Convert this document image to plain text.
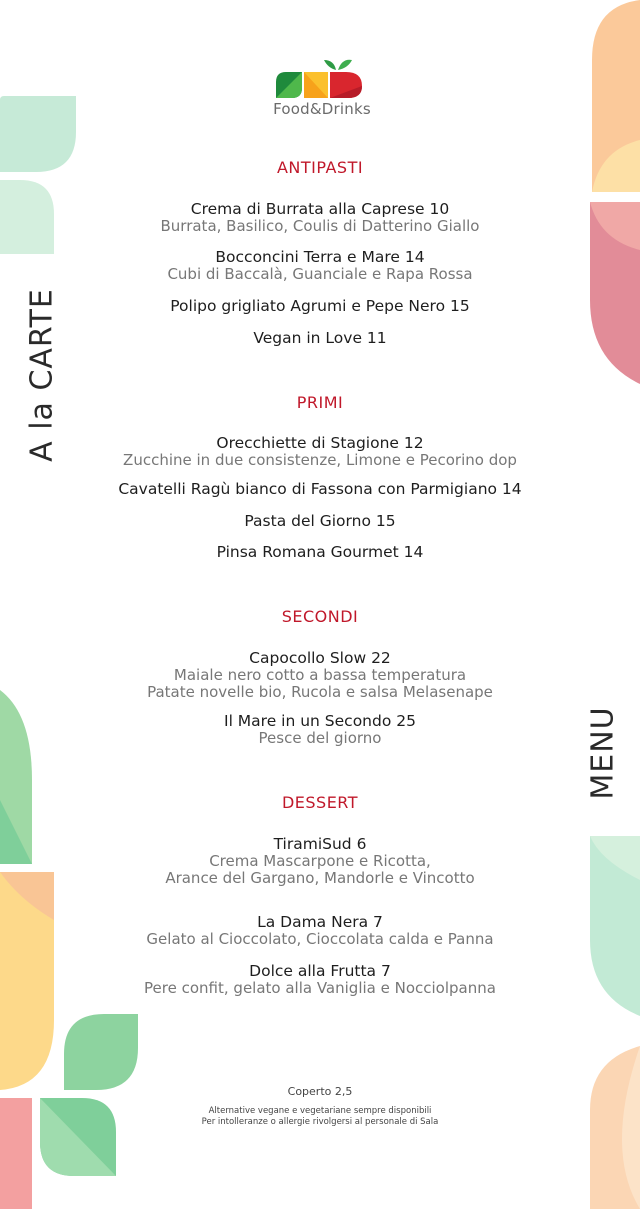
Food&Drinks
A la CARTE
MENU
ANTIPASTI
Crema di Burrata alla Caprese 10
Burrata, Basilico, Coulis di Datterino Giallo
Bocconcini Terra e Mare 14
Cubi di Baccalà, Guanciale e Rapa Rossa
Polipo grigliato Agrumi e Pepe Nero 15
Vegan in Love 11
PRIMI
Orecchiette di Stagione 12
Zucchine in due consistenze, Limone e Pecorino dop
Cavatelli Ragù bianco di Fassona con Parmigiano 14
Pasta del Giorno 15
Pinsa Romana Gourmet 14
SECONDI
Capocollo Slow 22
Maiale nero cotto a bassa temperatura
Patate novelle bio, Rucola e salsa Melasenape
Il Mare in un Secondo 25
Pesce del giorno
DESSERT
TiramiSud 6
Crema Mascarpone e Ricotta,
Arance del Gargano, Mandorle e Vincotto
La Dama Nera 7
Gelato al Cioccolato, Cioccolata calda e Panna
Dolce alla Frutta 7
Pere confit, gelato alla Vaniglia e Nocciolpanna
Coperto 2,5
Alternative vegane e vegetariane sempre disponibili
Per intolleranze o allergie rivolgersi al personale di Sala
